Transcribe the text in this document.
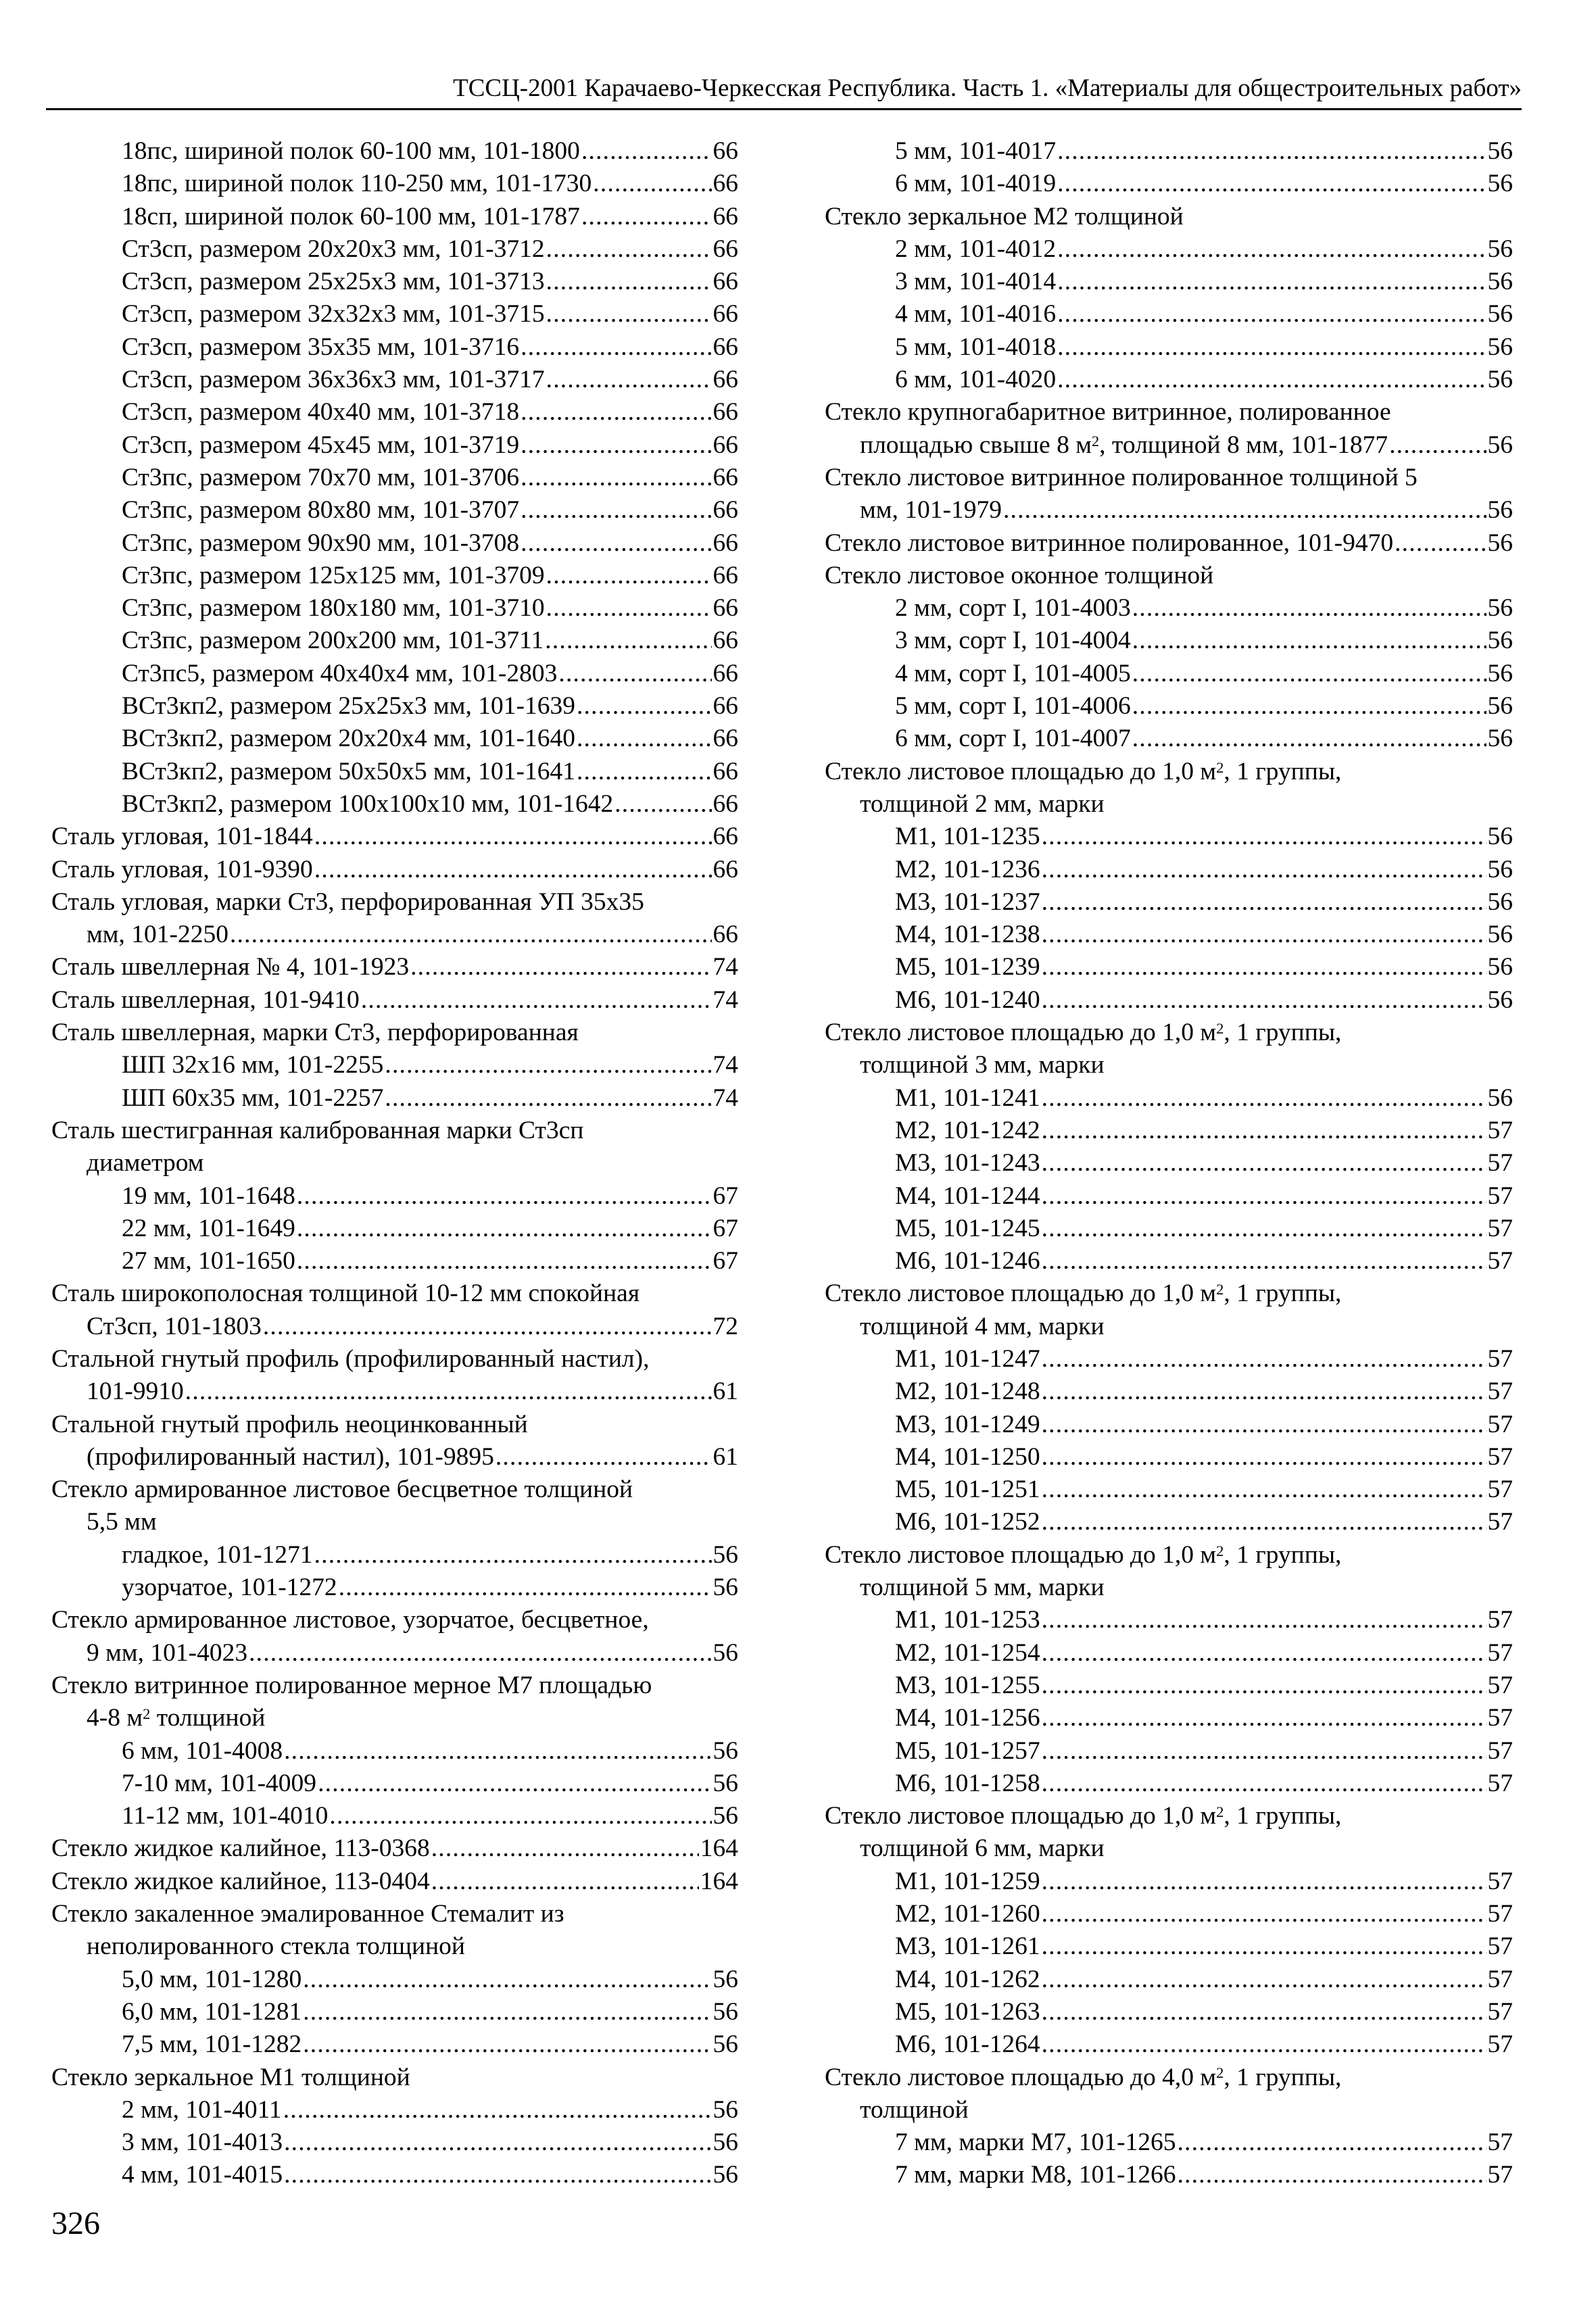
ТССЦ-2001 Карачаево-Черкесская Республика. Часть 1. «Материалы для общестроительных работ»
18пс, шириной полок 60-100 мм, 101-1800 .....	66
18пс, шириной полок 110-250 мм, 101-1730 .....	66
18сп, шириной полок 60-100 мм, 101-1787 .....	66
Ст3сп, размером 20x20x3 мм, 101-3712 .....	66
Ст3сп, размером 25x25x3 мм, 101-3713 .....	66
Ст3сп, размером 32x32x3 мм, 101-3715 .....	66
Ст3сп, размером 35x35 мм, 101-3716 .....	66
Ст3сп, размером 36x36x3 мм, 101-3717 .....	66
Ст3сп, размером 40x40 мм, 101-3718 .....	66
Ст3сп, размером 45x45 мм, 101-3719 .....	66
Ст3пс, размером 70x70 мм, 101-3706 .....	66
Ст3пс, размером 80x80 мм, 101-3707 .....	66
Ст3пс, размером 90x90 мм, 101-3708 .....	66
Ст3пс, размером 125x125 мм, 101-3709 .....	66
Ст3пс, размером 180x180 мм, 101-3710 .....	66
Ст3пс, размером 200x200 мм, 101-3711 .....	66
Ст3пс5, размером 40x40x4 мм, 101-2803 .....	66
ВСт3кп2, размером 25x25x3 мм, 101-1639 .....	66
ВСт3кп2, размером 20x20x4 мм, 101-1640 .....	66
ВСт3кп2, размером 50x50x5 мм, 101-1641 .....	66
ВСт3кп2, размером 100x100x10 мм, 101-1642 .....	66
Сталь угловая, 101-1844 .....	66
Сталь угловая, 101-9390 .....	66
Сталь угловая, марки Ст3, перфорированная УП 35x35
мм, 101-2250 .....	66
Сталь швеллерная № 4, 101-1923 .....	74
Сталь швеллерная, 101-9410 .....	74
Сталь швеллерная, марки Ст3, перфорированная
ШП 32x16 мм, 101-2255 .....	74
ШП 60x35 мм, 101-2257 .....	74
Сталь шестигранная калиброванная марки Ст3сп
диаметром
19 мм, 101-1648 .....	67
22 мм, 101-1649 .....	67
27 мм, 101-1650 .....	67
Сталь широкополосная толщиной 10-12 мм спокойная
Ст3сп, 101-1803 .....	72
Стальной гнутый профиль (профилированный настил),
101-9910 .....	61
Стальной гнутый профиль неоцинкованный
(профилированный настил), 101-9895 .....	61
Стекло армированное листовое бесцветное толщиной
5,5 мм
гладкое, 101-1271 .....	56
узорчатое, 101-1272 .....	56
Стекло армированное листовое, узорчатое, бесцветное,
9 мм, 101-4023 .....	56
Стекло витринное полированное мерное М7 площадью
4-8 $м^2$ толщиной
6 мм, 101-4008 .....	56
7-10 мм, 101-4009 .....	56
11-12 мм, 101-4010 .....	56
Стекло жидкое калийное, 113-0368 .....	164
Стекло жидкое калийное, 113-0404 .....	164
Стекло закаленное эмалированное Стемалит из
неполированного стекла толщиной
5,0 мм, 101-1280 .....	56
6,0 мм, 101-1281 .....	56
7,5 мм, 101-1282 .....	56
Стекло зеркальное М1 толщиной
2 мм, 101-4011 .....	56
3 мм, 101-4013 .....	56
4 мм, 101-4015 .....	56
5 мм, 101-4017 .....	56
6 мм, 101-4019 .....	56
Стекло зеркальное М2 толщиной
2 мм, 101-4012 .....	56
3 мм, 101-4014 .....	56
4 мм, 101-4016 .....	56
5 мм, 101-4018 .....	56
6 мм, 101-4020 .....	56
Стекло крупногабаритное витринное, полированное
площадью свыше 8 $м^2$, толщиной 8 мм, 101-1877 .....	56
Стекло листовое витринное полированное толщиной 5
мм, 101-1979 .....	56
Стекло листовое витринное полированное, 101-9470 .....	56
Стекло листовое оконное толщиной
2 мм, сорт I, 101-4003 .....	56
3 мм, сорт I, 101-4004 .....	56
4 мм, сорт I, 101-4005 .....	56
5 мм, сорт I, 101-4006 .....	56
6 мм, сорт I, 101-4007 .....	56
Стекло листовое площадью до 1,0 $м^2$, 1 группы,
толщиной 2 мм, марки
М1, 101-1235 .....	56
М2, 101-1236 .....	56
М3, 101-1237 .....	56
М4, 101-1238 .....	56
М5, 101-1239 .....	56
М6, 101-1240 .....	56
Стекло листовое площадью до 1,0 $м^2$, 1 группы,
толщиной 3 мм, марки
М1, 101-1241 .....	56
М2, 101-1242 .....	57
М3, 101-1243 .....	57
М4, 101-1244 .....	57
М5, 101-1245 .....	57
М6, 101-1246 .....	57
Стекло листовое площадью до 1,0 $м^2$, 1 группы,
толщиной 4 мм, марки
М1, 101-1247 .....	57
М2, 101-1248 .....	57
М3, 101-1249 .....	57
М4, 101-1250 .....	57
М5, 101-1251 .....	57
М6, 101-1252 .....	57
Стекло листовое площадью до 1,0 $м^2$, 1 группы,
толщиной 5 мм, марки
М1, 101-1253 .....	57
М2, 101-1254 .....	57
М3, 101-1255 .....	57
М4, 101-1256 .....	57
М5, 101-1257 .....	57
М6, 101-1258 .....	57
Стекло листовое площадью до 1,0 $м^2$, 1 группы,
толщиной 6 мм, марки
М1, 101-1259 .....	57
М2, 101-1260 .....	57
М3, 101-1261 .....	57
М4, 101-1262 .....	57
М5, 101-1263 .....	57
М6, 101-1264 .....	57
Стекло листовое площадью до 4,0 $м^2$, 1 группы,
толщиной
7 мм, марки М7, 101-1265 .....	57
7 мм, марки М8, 101-1266 .....	57
326
